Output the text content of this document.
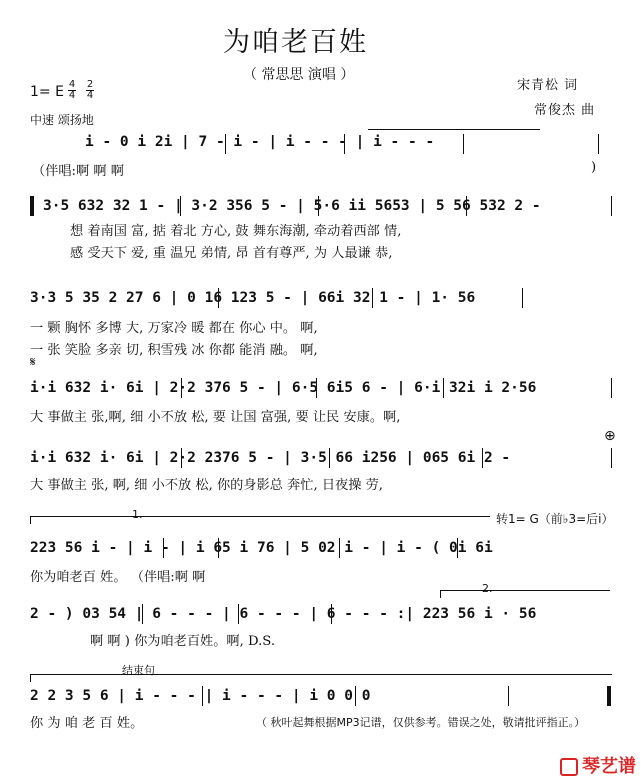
为咱老百姓
（ 常思思 演唱 ）
宋青松 词
常俊杰 曲
1= E 4
4
2
4
中速 颂扬地
i - 0 i 2i | 7 - i - | i - - - | i - - -
（伴唱:啊 啊 啊	)
3·5 632 32 1 - | 3·2 356 5 - | 5·6 ii 5653 | 5 56 532 2 -
想 着南国 富, 掂 着北 方心, 鼓 舞东海潮, 牵动着西部 情,
感 受天下 爱, 重 温兄 弟情, 昂 首有尊严, 为 人最谦 恭,
3·3 5 35 2 27 6 | 0 16 123 5 - | 66i 32 1 - | 1· 56
一 颗 胸怀 多博 大, 万家冷 暖 都在 你心 中。 啊,
一 张 笑脸 多亲 切, 积雪残 冰 你都 能消 融。 啊,
𝄋
i·i 632 i· 6i | 2·2 376 5 - | 6·5 6i5 6 - | 6·i 32i i 2·56
大 事做主 张,啊, 细 小不放 松, 要 让国 富强, 要 让民 安康。啊,
⊕
i·i 632 i· 6i | 2·2 2376 5 - | 3·5 66 i256 | 065 6i 2 -
大 事做主 张, 啊, 细 小不放 松, 你的身影总 奔忙, 日夜操 劳,
1.	转1= G（前♭3=后i）
223 56 i - | i - | i 65 i 76 | 5 02 i - | i - ( 0i 6i
你为咱老百 姓。 （伴唱:啊 啊
2.
2 - ) 03 54 | 6 - - - | 6 - - - | 6 - - - :| 223 56 i · 56
啊 啊 ) 你为咱老百姓。啊, D.S.
结束句
2 2 3 5 6 | i - - - | i - - - | i 0 0 0
你 为 咱 老 百 姓。	（ 秋叶起舞根据MP3记谱，仅供参考。错误之处，敬请批评指正。）
琴艺谱
